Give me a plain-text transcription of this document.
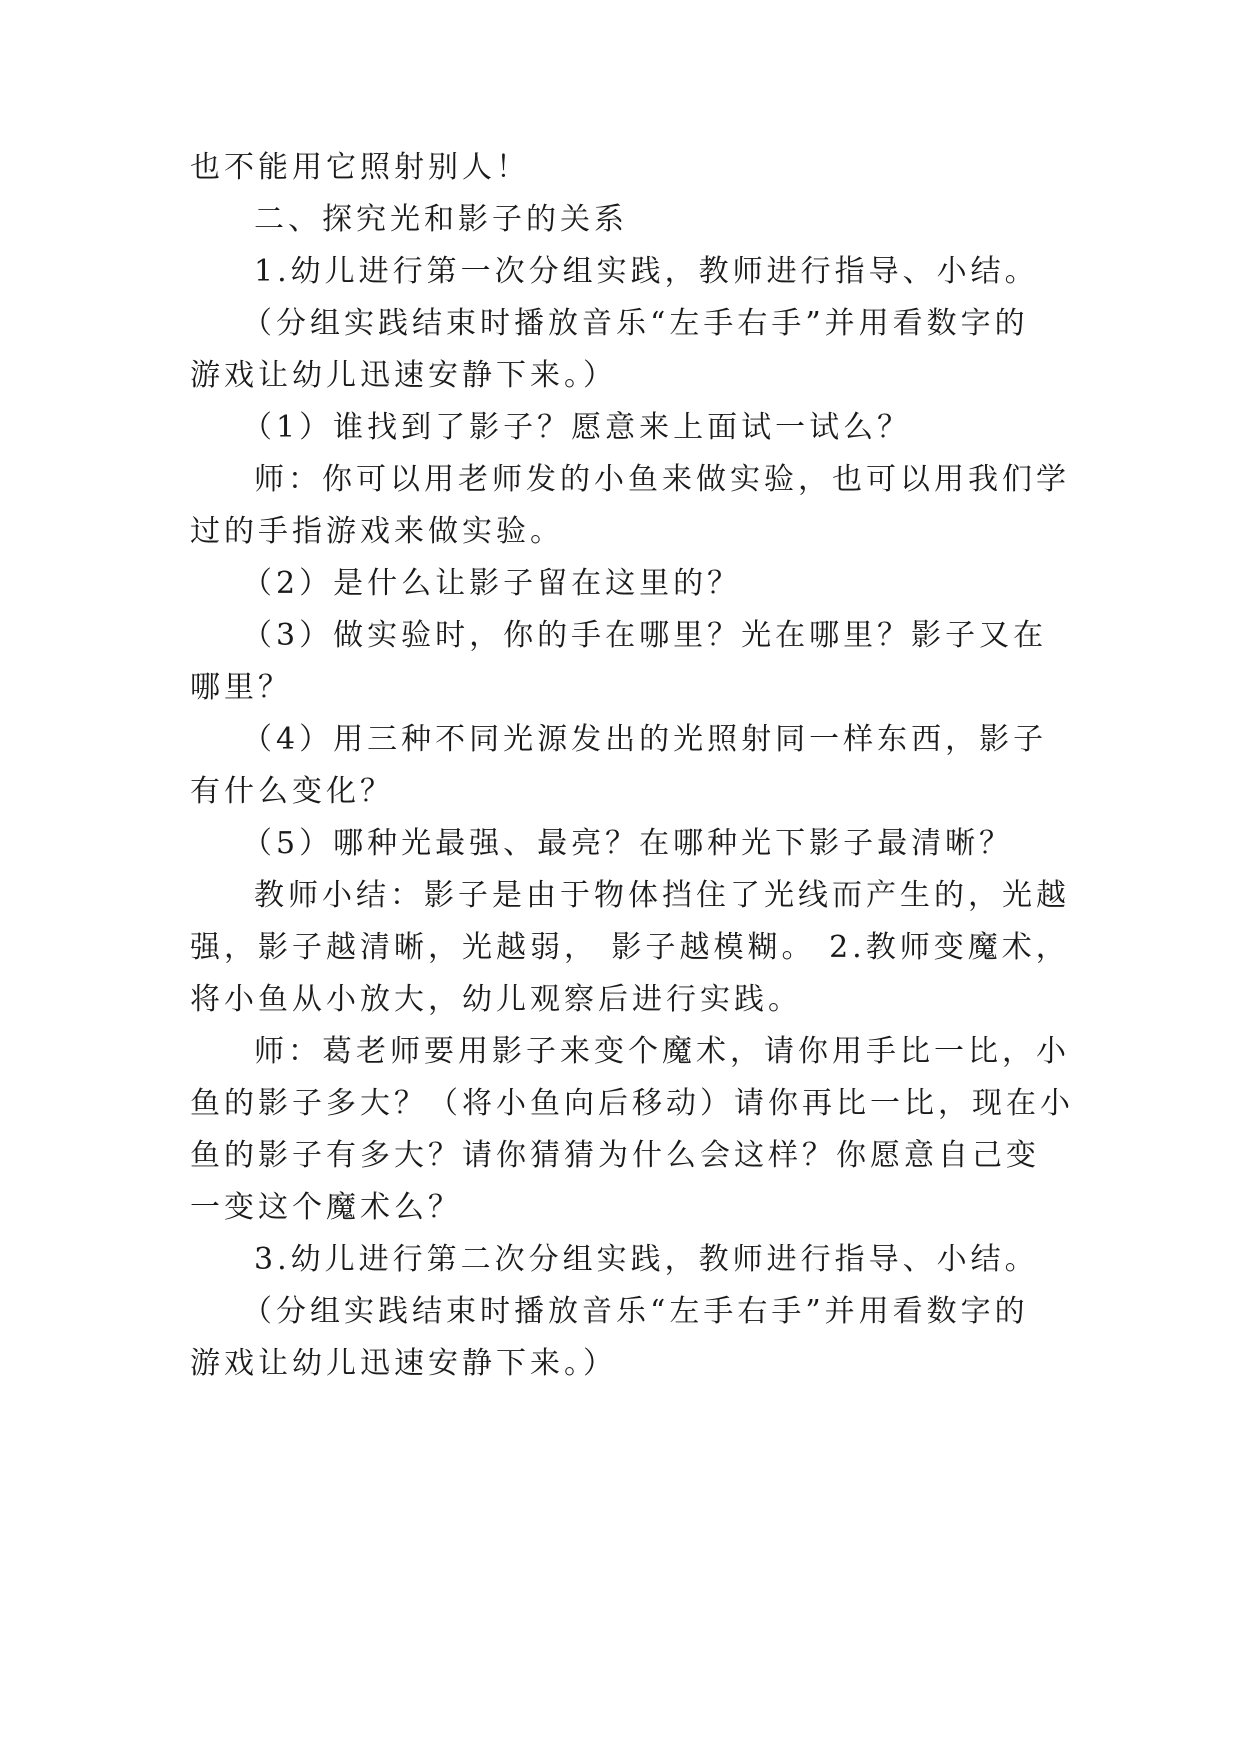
也不能用它照射别人！
二、探究光和影子的关系
1.幼儿进行第一次分组实践，教师进行指导、小结。
（分组实践结束时播放音乐“左手右手”并用看数字的
游戏让幼儿迅速安静下来。）
（1）谁找到了影子？愿意来上面试一试么？
师：你可以用老师发的小鱼来做实验，也可以用我们学
过的手指游戏来做实验。
（2）是什么让影子留在这里的？
（3）做实验时，你的手在哪里？光在哪里？影子又在
哪里？
（4）用三种不同光源发出的光照射同一样东西，影子
有什么变化？
（5）哪种光最强、最亮？在哪种光下影子最清晰？
教师小结：影子是由于物体挡住了光线而产生的，光越
强，影子越清晰，光越弱， 影子越模糊。 2.教师变魔术，
将小鱼从小放大，幼儿观察后进行实践。
师：葛老师要用影子来变个魔术，请你用手比一比，小
鱼的影子多大？（将小鱼向后移动）请你再比一比，现在小
鱼的影子有多大？请你猜猜为什么会这样？你愿意自己变
一变这个魔术么？
3.幼儿进行第二次分组实践，教师进行指导、小结。
（分组实践结束时播放音乐“左手右手”并用看数字的
游戏让幼儿迅速安静下来。）
